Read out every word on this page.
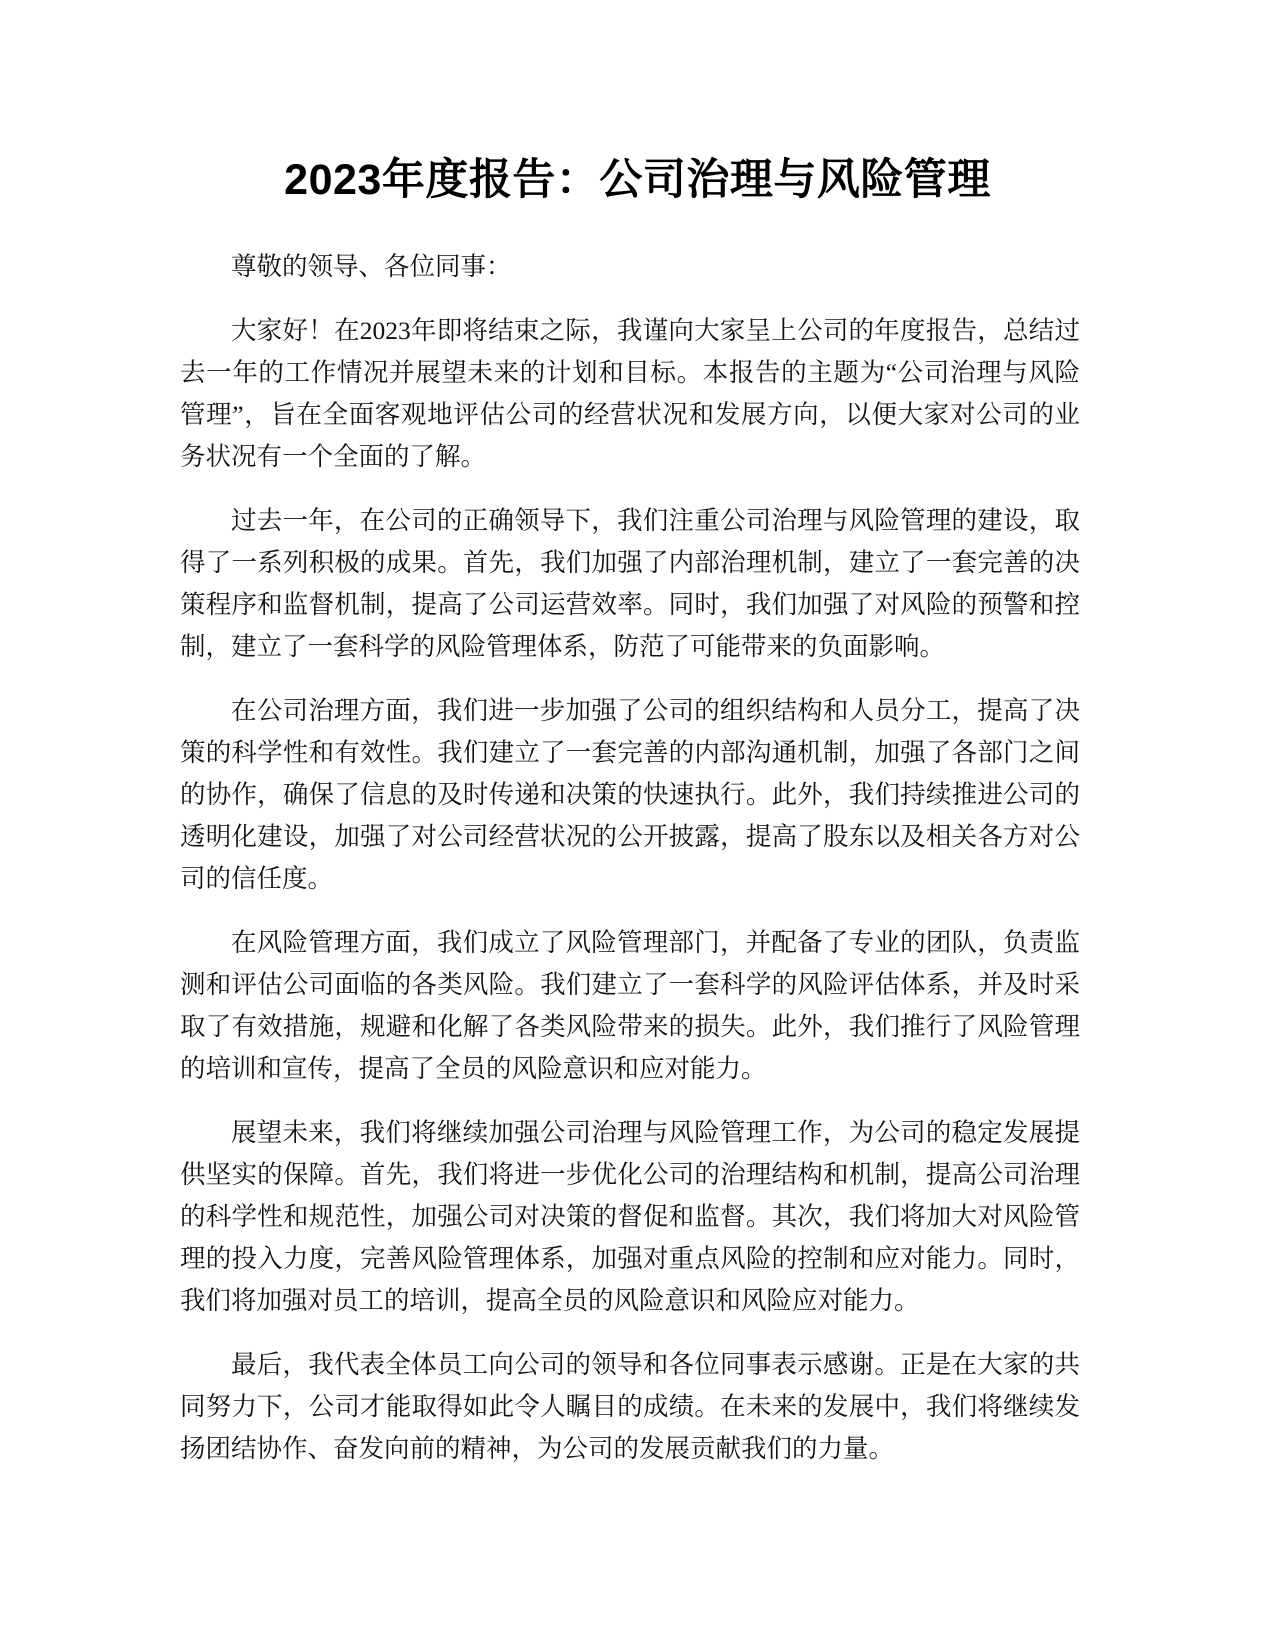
2023年度报告：公司治理与风险管理

尊敬的领导、各位同事：

大家好！在2023年即将结束之际，我谨向大家呈上公司的年度报告，总结过去一年的工作情况并展望未来的计划和目标。本报告的主题为“公司治理与风险管理”，旨在全面客观地评估公司的经营状况和发展方向，以便大家对公司的业务状况有一个全面的了解。

过去一年，在公司的正确领导下，我们注重公司治理与风险管理的建设，取得了一系列积极的成果。首先，我们加强了内部治理机制，建立了一套完善的决策程序和监督机制，提高了公司运营效率。同时，我们加强了对风险的预警和控制，建立了一套科学的风险管理体系，防范了可能带来的负面影响。

在公司治理方面，我们进一步加强了公司的组织结构和人员分工，提高了决策的科学性和有效性。我们建立了一套完善的内部沟通机制，加强了各部门之间的协作，确保了信息的及时传递和决策的快速执行。此外，我们持续推进公司的透明化建设，加强了对公司经营状况的公开披露，提高了股东以及相关各方对公司的信任度。

在风险管理方面，我们成立了风险管理部门，并配备了专业的团队，负责监测和评估公司面临的各类风险。我们建立了一套科学的风险评估体系，并及时采取了有效措施，规避和化解了各类风险带来的损失。此外，我们推行了风险管理的培训和宣传，提高了全员的风险意识和应对能力。

展望未来，我们将继续加强公司治理与风险管理工作，为公司的稳定发展提供坚实的保障。首先，我们将进一步优化公司的治理结构和机制，提高公司治理的科学性和规范性，加强公司对决策的督促和监督。其次，我们将加大对风险管理的投入力度，完善风险管理体系，加强对重点风险的控制和应对能力。同时，我们将加强对员工的培训，提高全员的风险意识和风险应对能力。

最后，我代表全体员工向公司的领导和各位同事表示感谢。正是在大家的共同努力下，公司才能取得如此令人瞩目的成绩。在未来的发展中，我们将继续发扬团结协作、奋发向前的精神，为公司的发展贡献我们的力量。
